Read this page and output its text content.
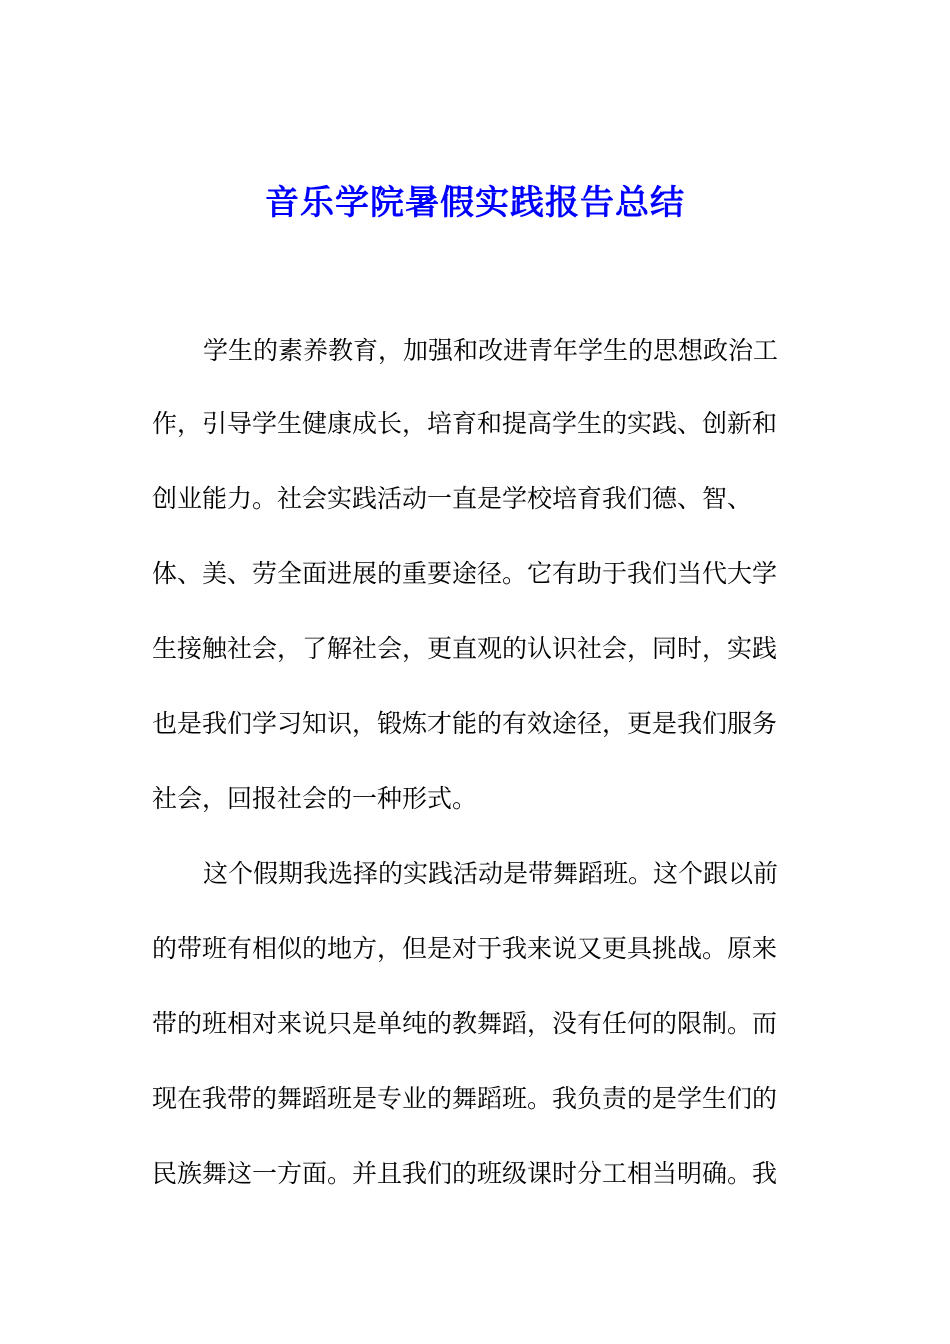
音乐学院暑假实践报告总结
学生的素养教育，加强和改进青年学生的思想政治工
作，引导学生健康成长，培育和提高学生的实践、创新和
创业能力。社会实践活动一直是学校培育我们德、智、
体、美、劳全面进展的重要途径。它有助于我们当代大学
生接触社会，了解社会，更直观的认识社会，同时，实践
也是我们学习知识，锻炼才能的有效途径，更是我们服务
社会，回报社会的一种形式。
这个假期我选择的实践活动是带舞蹈班。这个跟以前
的带班有相似的地方，但是对于我来说又更具挑战。原来
带的班相对来说只是单纯的教舞蹈，没有任何的限制。而
现在我带的舞蹈班是专业的舞蹈班。我负责的是学生们的
民族舞这一方面。并且我们的班级课时分工相当明确。我
